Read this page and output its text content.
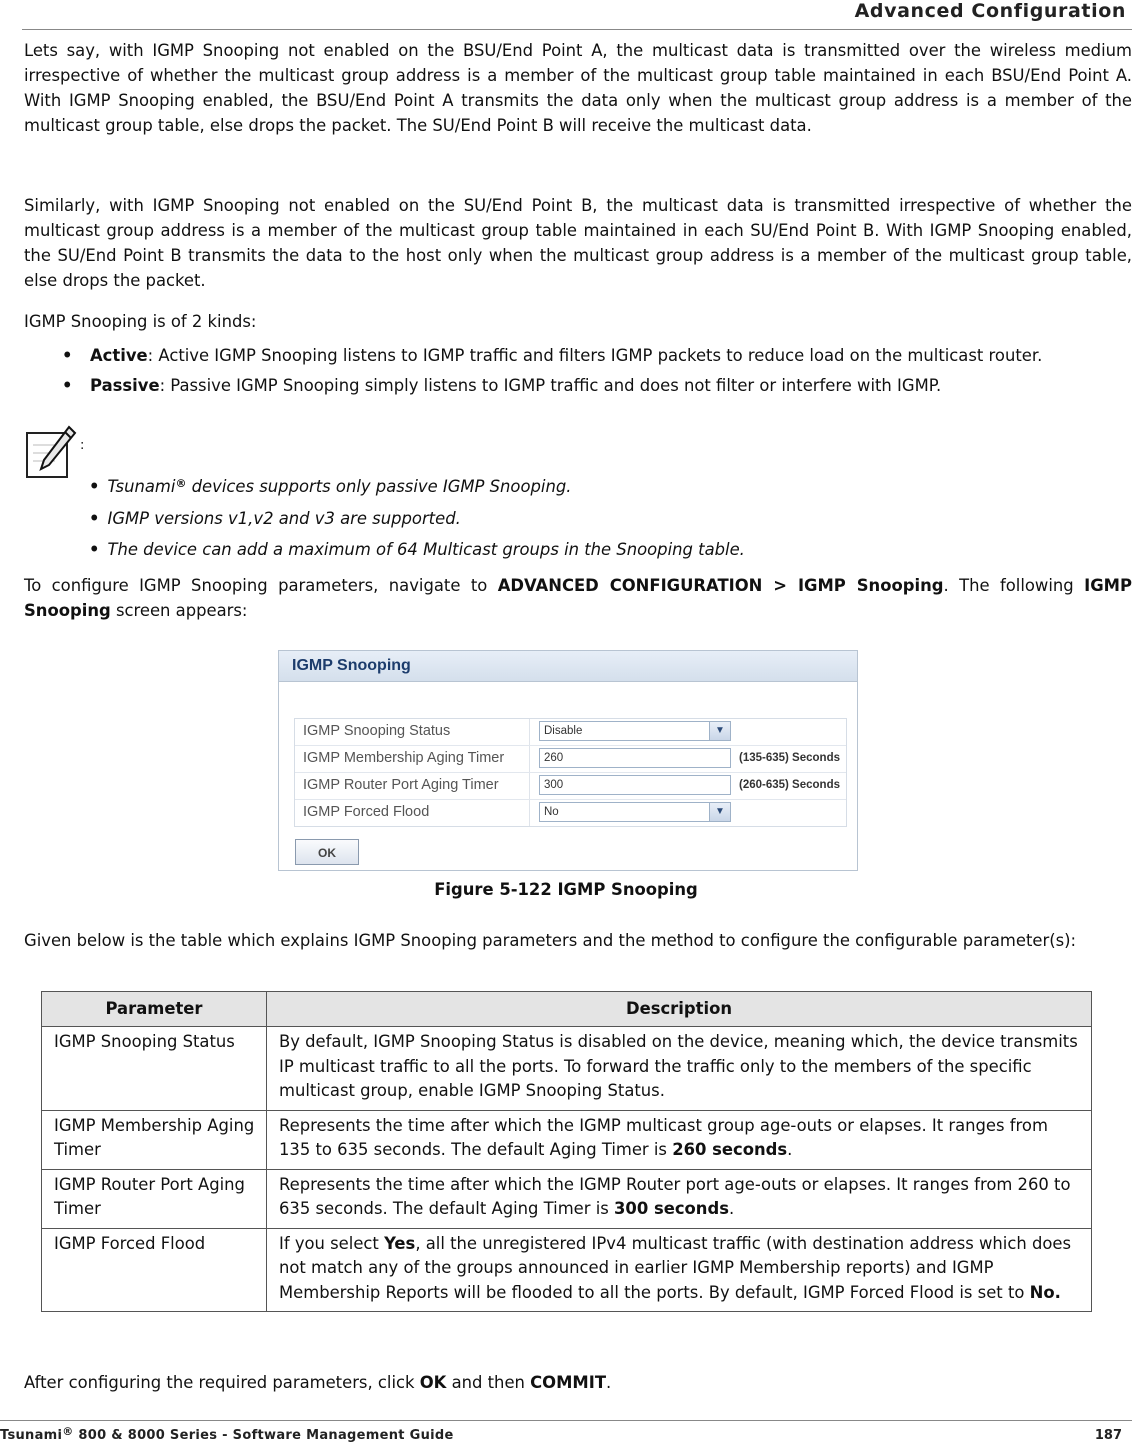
Advanced Configuration

Lets say, with IGMP Snooping not enabled on the BSU/End Point A, the multicast data is transmitted over the wireless medium irrespective of whether the multicast group address is a member of the multicast group table maintained in each BSU/End Point A. With IGMP Snooping enabled, the BSU/End Point A transmits the data only when the multicast group address is a member of the multicast group table, else drops the packet. The SU/End Point B will receive the multicast data.

Similarly, with IGMP Snooping not enabled on the SU/End Point B, the multicast data is transmitted irrespective of whether the multicast group address is a member of the multicast group table maintained in each SU/End Point B. With IGMP Snooping enabled, the SU/End Point B transmits the data to the host only when the multicast group address is a member of the multicast group table, else drops the packet.

IGMP Snooping is of 2 kinds:

• Active: Active IGMP Snooping listens to IGMP traffic and filters IGMP packets to reduce load on the multicast router.
• Passive: Passive IGMP Snooping simply listens to IGMP traffic and does not filter or interfere with IGMP.
:
• Tsunami® devices supports only passive IGMP Snooping.
• IGMP versions v1,v2 and v3 are supported.
• The device can add a maximum of 64 Multicast groups in the Snooping table.

To configure IGMP Snooping parameters, navigate to ADVANCED CONFIGURATION > IGMP Snooping. The following IGMP Snooping screen appears:

IGMP Snooping
IGMP Snooping Status	Disable	▼
IGMP Membership Aging Timer	260	(135-635) Seconds
IGMP Router Port Aging Timer	300	(260-635) Seconds
IGMP Forced Flood	No	▼
OK
Figure 5-122 IGMP Snooping

Given below is the table which explains IGMP Snooping parameters and the method to configure the configurable parameter(s):

Parameter	Description
IGMP Snooping Status	By default, IGMP Snooping Status is disabled on the device, meaning which, the device transmits IP multicast traffic to all the ports. To forward the traffic only to the members of the specific multicast group, enable IGMP Snooping Status.
IGMP Membership Aging Timer	Represents the time after which the IGMP multicast group age-outs or elapses. It ranges from 135 to 635 seconds. The default Aging Timer is 260 seconds.
IGMP Router Port Aging Timer	Represents the time after which the IGMP Router port age-outs or elapses. It ranges from 260 to 635 seconds. The default Aging Timer is 300 seconds.
IGMP Forced Flood	If you select Yes, all the unregistered IPv4 multicast traffic (with destination address which does not match any of the groups announced in earlier IGMP Membership reports) and IGMP Membership Reports will be flooded to all the ports. By default, IGMP Forced Flood is set to No.

After configuring the required parameters, click OK and then COMMIT.

Tsunami® 800 & 8000 Series - Software Management Guide	187
